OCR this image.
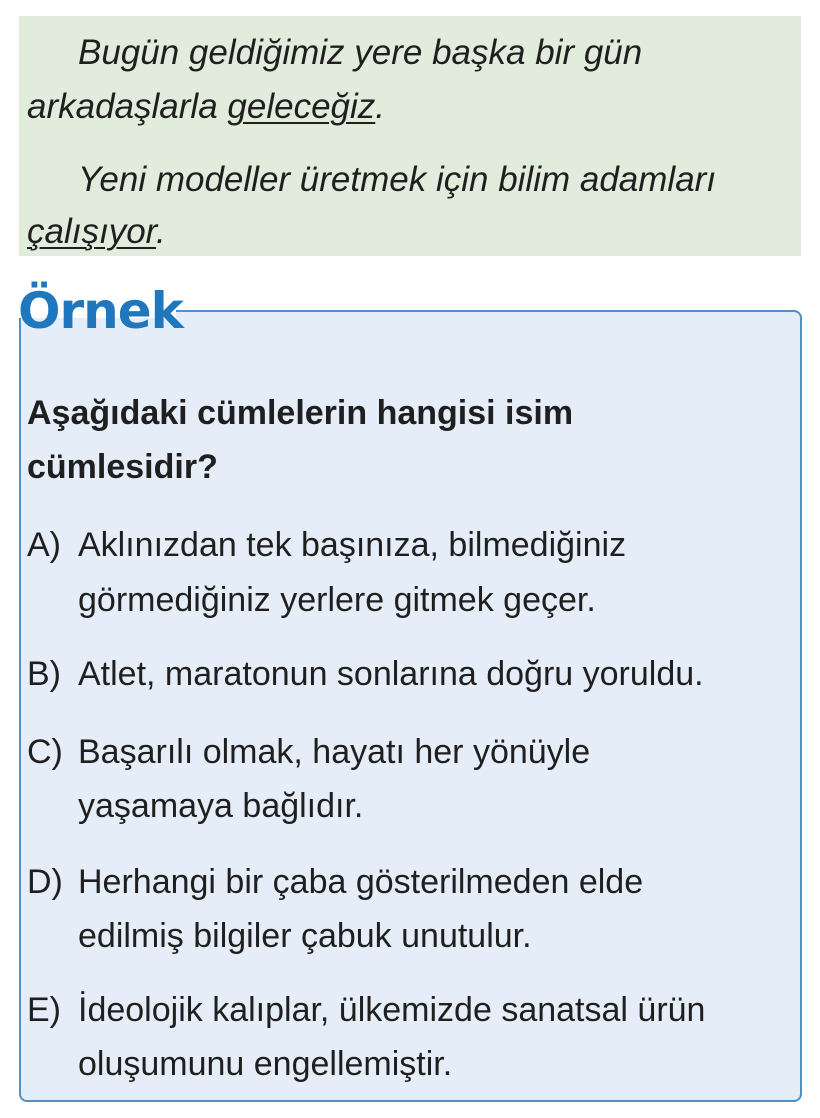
Bugün geldiğimiz yere başka bir gün
arkadaşlarla geleceğiz.
Yeni modeller üretmek için bilim adamları
çalışıyor.
Örnek
Aşağıdaki cümlelerin hangisi isim cümlesidir?
A) Aklınızdan tek başınıza, bilmediğiniz
görmediğiniz yerlere gitmek geçer.
B) Atlet, maratonun sonlarına doğru yoruldu.
C) Başarılı olmak, hayatı her yönüyle
yaşamaya bağlıdır.
D) Herhangi bir çaba gösterilmeden elde
edilmiş bilgiler çabuk unutulur.
E) İdeolojik kalıplar, ülkemizde sanatsal ürün
oluşumunu engellemiştir.
